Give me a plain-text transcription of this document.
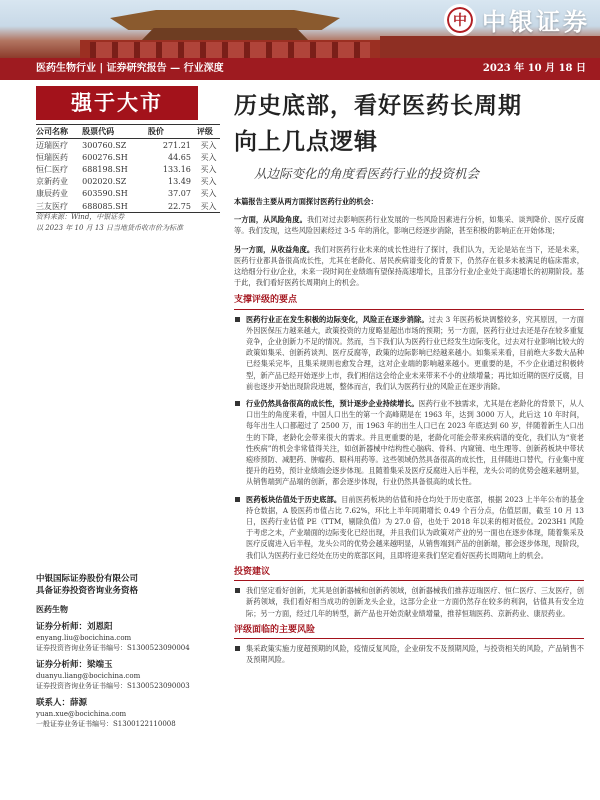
中 中银证券
医药生物行业 | 证券研究报告 — 行业深度	2023 年 10 月 18 日
强于大市
公司名称	股票代码	股价	评级
迈瑞医疗	300760.SZ	271.21	买入
恒瑞医药	600276.SH	44.65	买入
恒仁医疗	688198.SH	133.16	买入
京新药业	002020.SZ	13.49	买入
康辰药业	603590.SH	37.07	买入
三友医疗	688085.SH	22.75	买入
资料来源：Wind，中银证券
以 2023 年 10 月 13 日当地货币收市价为标准
历史底部，看好医药长周期
向上几点逻辑
从边际变化的角度看医药行业的投资机会

本篇报告主要从两方面探讨医药行业的机会：

一方面，从风险角度。我们对过去影响医药行业发展的一些风险因素进行分析，如集采、谈判降价、医疗反腐等。我们发现，这些风险因素经过 3-5 年的消化，影响已经逐步消除，甚至积极的影响正在开始体现；

另一方面，从收益角度。我们对医药行业未来的成长性进行了探讨，我们认为，无论是站在当下，还是未来，医药行业都具备很高成长性，尤其在老龄化、居民疾病谱变化的背景下，仍然存在很多未被满足的临床需求，这给细分行业/企业，未来一段时间在业绩端有望保持高速增长，且部分行业/企业处于高速增长的初期阶段。基于此，我们看好医药长周期向上的机会。

支撑评级的要点
医药行业正在发生积极的边际变化，风险正在逐步消除。过去 3 年医药板块调整较多，究其原因，一方面外因医保压力越来越大，政策投资的力度略显超出市场的预期；另一方面，医药行业过去还是存在较多重复竞争，企业创新力不足的情况。然而，当下我们认为医药行业已经发生边际变化，过去对行业影响比较大的政策如集采、创新药谈判、医疗反腐等，政策的边际影响已经越来越小。如集采来看，目前绝大多数大品种已经集采完毕，且集采规则也愈发合理，这对企业端的影响越来越小。更重要的是，不少企业通过积极转型，新产品已经开始逐步上市，我们相信这会给企业未来带来不小的业绩增量；再比如近期的医疗反腐，目前也逐步开始出现阶段进展，整体而言，我们认为医药行业的风险正在逐步消除。
行业仍然具备很高的成长性，预计逐步企业持续增长。医药行业不独需求，尤其是在老龄化的背景下，从人口出生的角度来看，中国人口出生的第一个高峰期是在 1963 年，达到 3000 万人，此后这 10 年时间，每年出生人口都超过了 2500 万，而 1963 年的出生人口已在 2023 年底达到 60 岁，伴随着新生人口出生的下降，老龄化会带来很大的需求。并且更重要的是，老龄化可能会带来疾病谱的变化，我们认为“衰老性疾病”的机会非常值得关注，如创新器械中结构性心脑病、骨科、内窥镜、电生理等、创新药板块中带状疱疹预防、减肥药、肿瘤药、眼科用药等。这些领域仍然具备很高的成长性，且伴随进口替代，行业集中度提升的趋势，预计业绩端会逐步体现。且随着集采及医疗反腐进入后半程，龙头公司的优势会越来越明显，从销售端到产品端的创新，都会逐步体现，行业仍然具备很高的成长性。
医药板块估值处于历史底部。目前医药板块的估值和持仓均处于历史底部，根据 2023 上半年公布的基金持仓数据，A 股医药市值占比 7.62%，环比上半年同期增长 0.49 个百分点，估值层面，截至 10 月 13 日，医药行业估值 PE（TTM，剔除负值）为 27.0 倍，也处于 2018 年以来的相对低位。2023H1 风险于考虑之未，产业端面的边际变化已经出现，并且我们认为政策对产业的另一面也在逐步体现，随着集采及医疗反腐进入后半程，龙头公司的优势会越来越明显，从销售端到产品的创新端，都会逐步体现，现阶段，我们认为医药行业已经处在历史的底部区间，且即将迎来我们坚定看好医药长周期向上的机会。
投资建议
我们坚定看好创新，尤其是创新器械和创新药领域，创新器械我们推荐迈瑞医疗、恒仁医疗、三友医疗，创新药领域，我们看好相当成功的创新龙头企业，这部分企业一方面仍然存在较多的利润，估值具有安全边际；另一方面，经过几年的转型，新产品也开始贡献业绩增量，推荐恒瑞医药、京新药业、康辰药业。
评级面临的主要风险
集采政策实施力度超预期的风险，疫情反复风险，企业研发不及预期风险，与投资相关的风险，产品销售不及预期风险。
中银国际证券股份有限公司
具备证券投资咨询业务资格
医药生物
证券分析师：刘恩阳
enyang.liu@bocichina.com
证券投资咨询业务证书编号：S1300523090004
证券分析师：梁端玉
duanyu.liang@bocichina.com
证券投资咨询业务证书编号：S1300523090003
联系人：薛源
yuan.xue@bocichina.com
一般证券业务证书编号：S1300122110008
